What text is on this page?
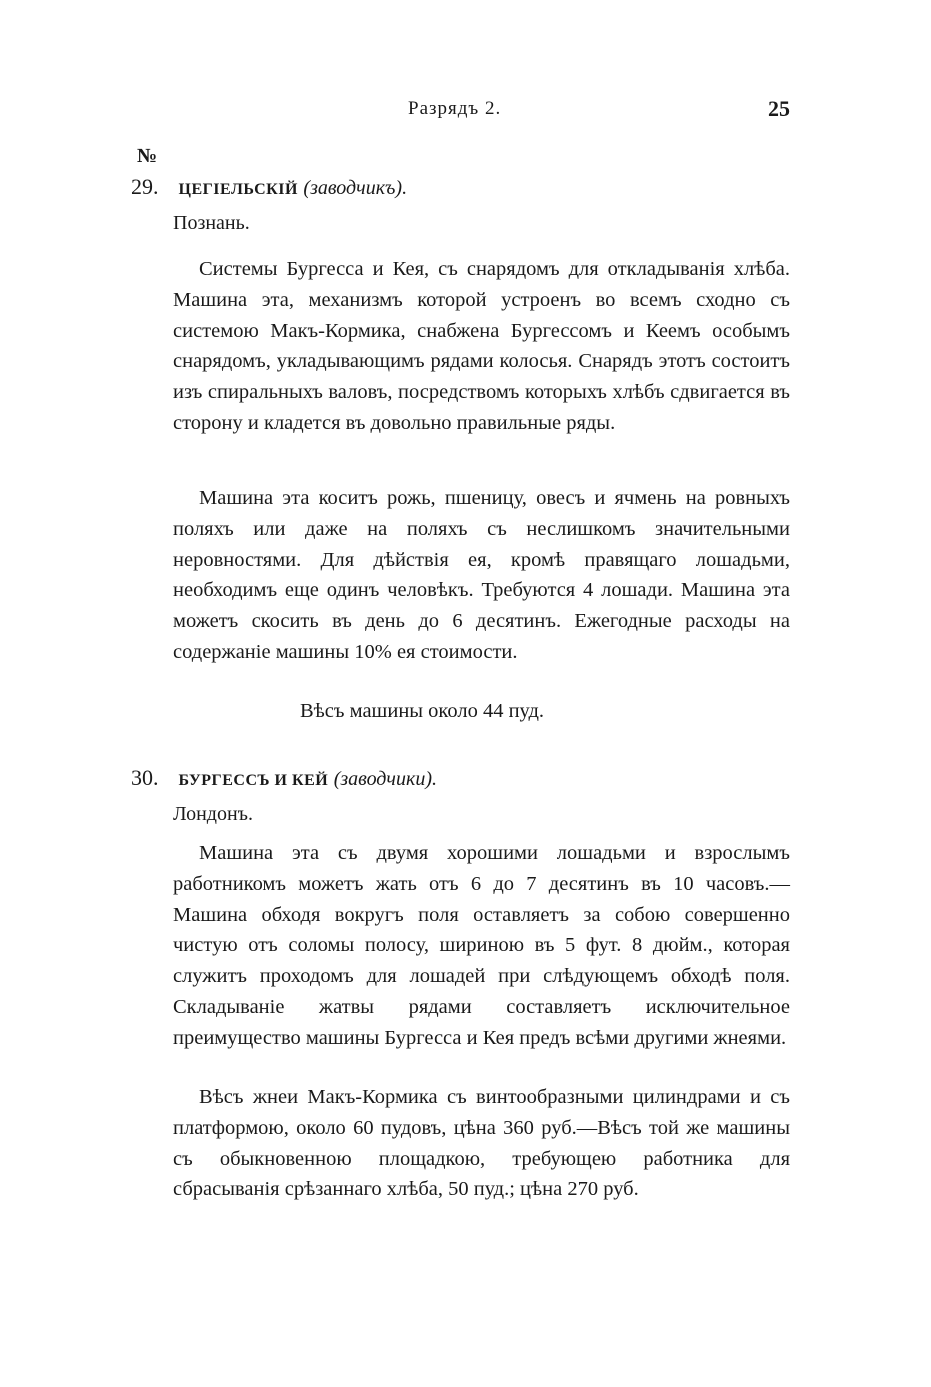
Разрядъ 2.	25
№
29. ЦЕГІЕЛЬСКІЙ (заводчикъ).
Познань.

Системы Бургесса и Кея, съ снарядомъ для откладыванія хлѣба. Машина эта, механизмъ которой устроенъ во всемъ сходно съ системою Макъ-Кормика, снабжена Бургессомъ и Кеемъ особымъ снарядомъ, укладывающимъ рядами колосья. Снарядъ этотъ состоитъ изъ спиральныхъ валовъ, посредствомъ которыхъ хлѣбъ сдвигается въ сторону и кладется въ довольно правильные ряды.

Машина эта коситъ рожь, пшеницу, овесъ и ячмень на ровныхъ поляхъ или даже на поляхъ съ неслишкомъ значительными неровностями. Для дѣйствія ея, кромѣ правящаго лошадьми, необходимъ еще одинъ человѣкъ. Требуются 4 лошади. Машина эта можетъ скосить въ день до 6 десятинъ. Ежегодные расходы на содержаніе машины 10% ея стоимости.

Вѣсъ машины около 44 пуд.
30. БУРГЕССЪ И КЕЙ (заводчики).
Лондонъ.

Машина эта съ двумя хорошими лошадьми и взрослымъ работникомъ можетъ жать отъ 6 до 7 десятинъ въ 10 часовъ.—Машина обходя вокругъ поля оставляетъ за собою совершенно чистую отъ соломы полосу, шириною въ 5 фут. 8 дюйм., которая служитъ проходомъ для лошадей при слѣдующемъ обходѣ поля. Складываніе жатвы рядами составляетъ исключительное преимущество машины Бургесса и Кея предъ всѣми другими жнеями.

Вѣсъ жнеи Макъ-Кормика съ винтообразными цилиндрами и съ платформою, около 60 пудовъ, цѣна 360 руб.—Вѣсъ той же машины съ обыкновенною площадкою, требующею работника для сбрасыванія срѣзаннаго хлѣба, 50 пуд.; цѣна 270 руб.
